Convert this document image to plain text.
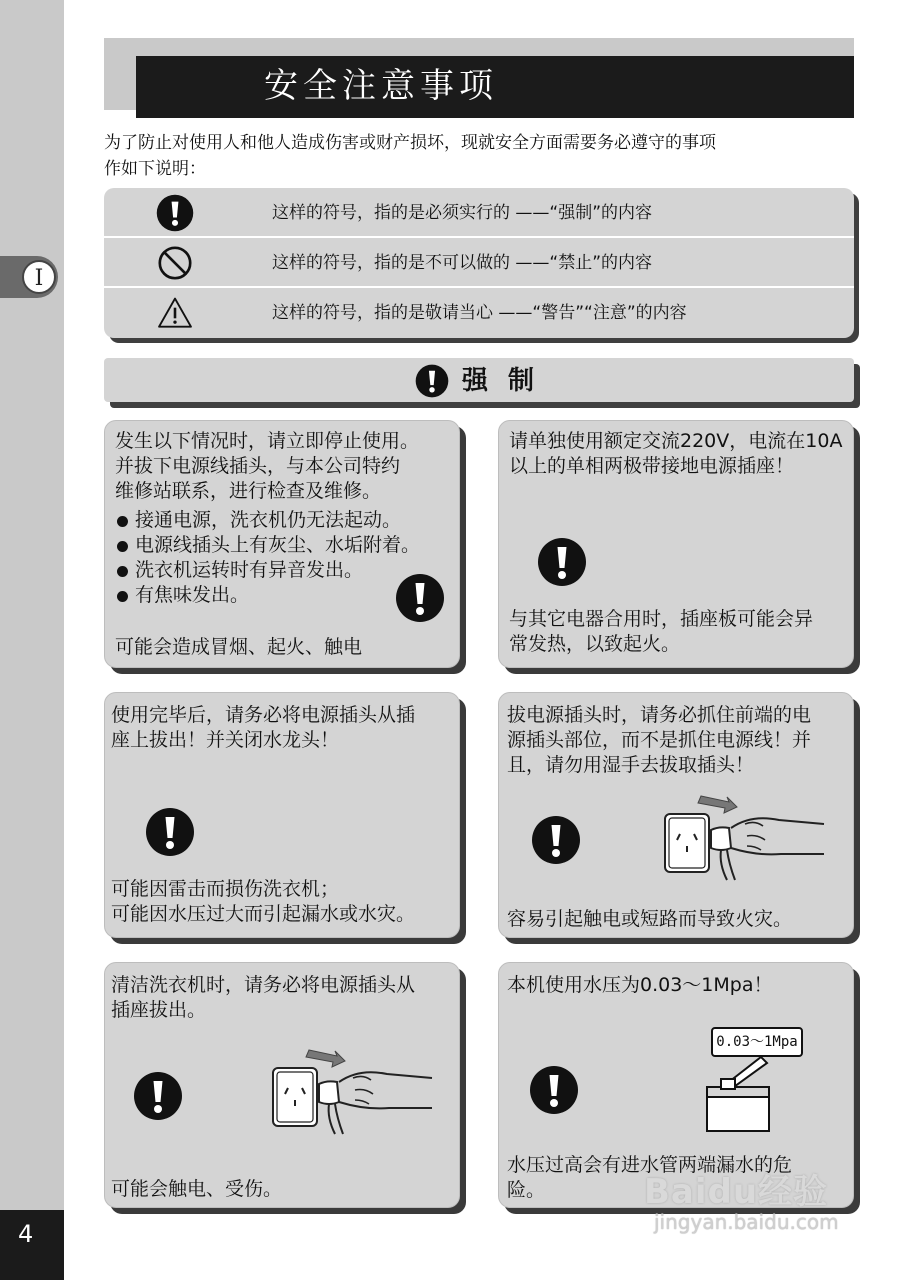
I
4
安全注意事项
为了防止对使用人和他人造成伤害或财产损坏，现就安全方面需要务必遵守的事项
作如下说明：
这样的符号，指的是必须实行的 ——“强制”的内容
这样的符号，指的是不可以做的 ——“禁止”的内容
这样的符号，指的是敬请当心 ——“警告”“注意”的内容
强制
发生以下情况时，请立即停止使用。
并拔下电源线插头，与本公司特约
维修站联系，进行检查及维修。
接通电源，洗衣机仍无法起动。
电源线插头上有灰尘、水垢附着。
洗衣机运转时有异音发出。
有焦味发出。
可能会造成冒烟、起火、触电
请单独使用额定交流220V，电流在10A
以上的单相两极带接地电源插座！
与其它电器合用时，插座板可能会异
常发热，以致起火。
使用完毕后，请务必将电源插头从插
座上拔出！并关闭水龙头！
可能因雷击而损伤洗衣机；
可能因水压过大而引起漏水或水灾。
拔电源插头时，请务必抓住前端的电
源插头部位，而不是抓住电源线！并
且，请勿用湿手去拔取插头！
容易引起触电或短路而导致火灾。
清洁洗衣机时，请务必将电源插头从
插座拔出。
可能会触电、受伤。
本机使用水压为0.03～1Mpa！
0.03～1Mpa
水压过高会有进水管两端漏水的危
险。	Baidu经验
jingyan.baidu.com
